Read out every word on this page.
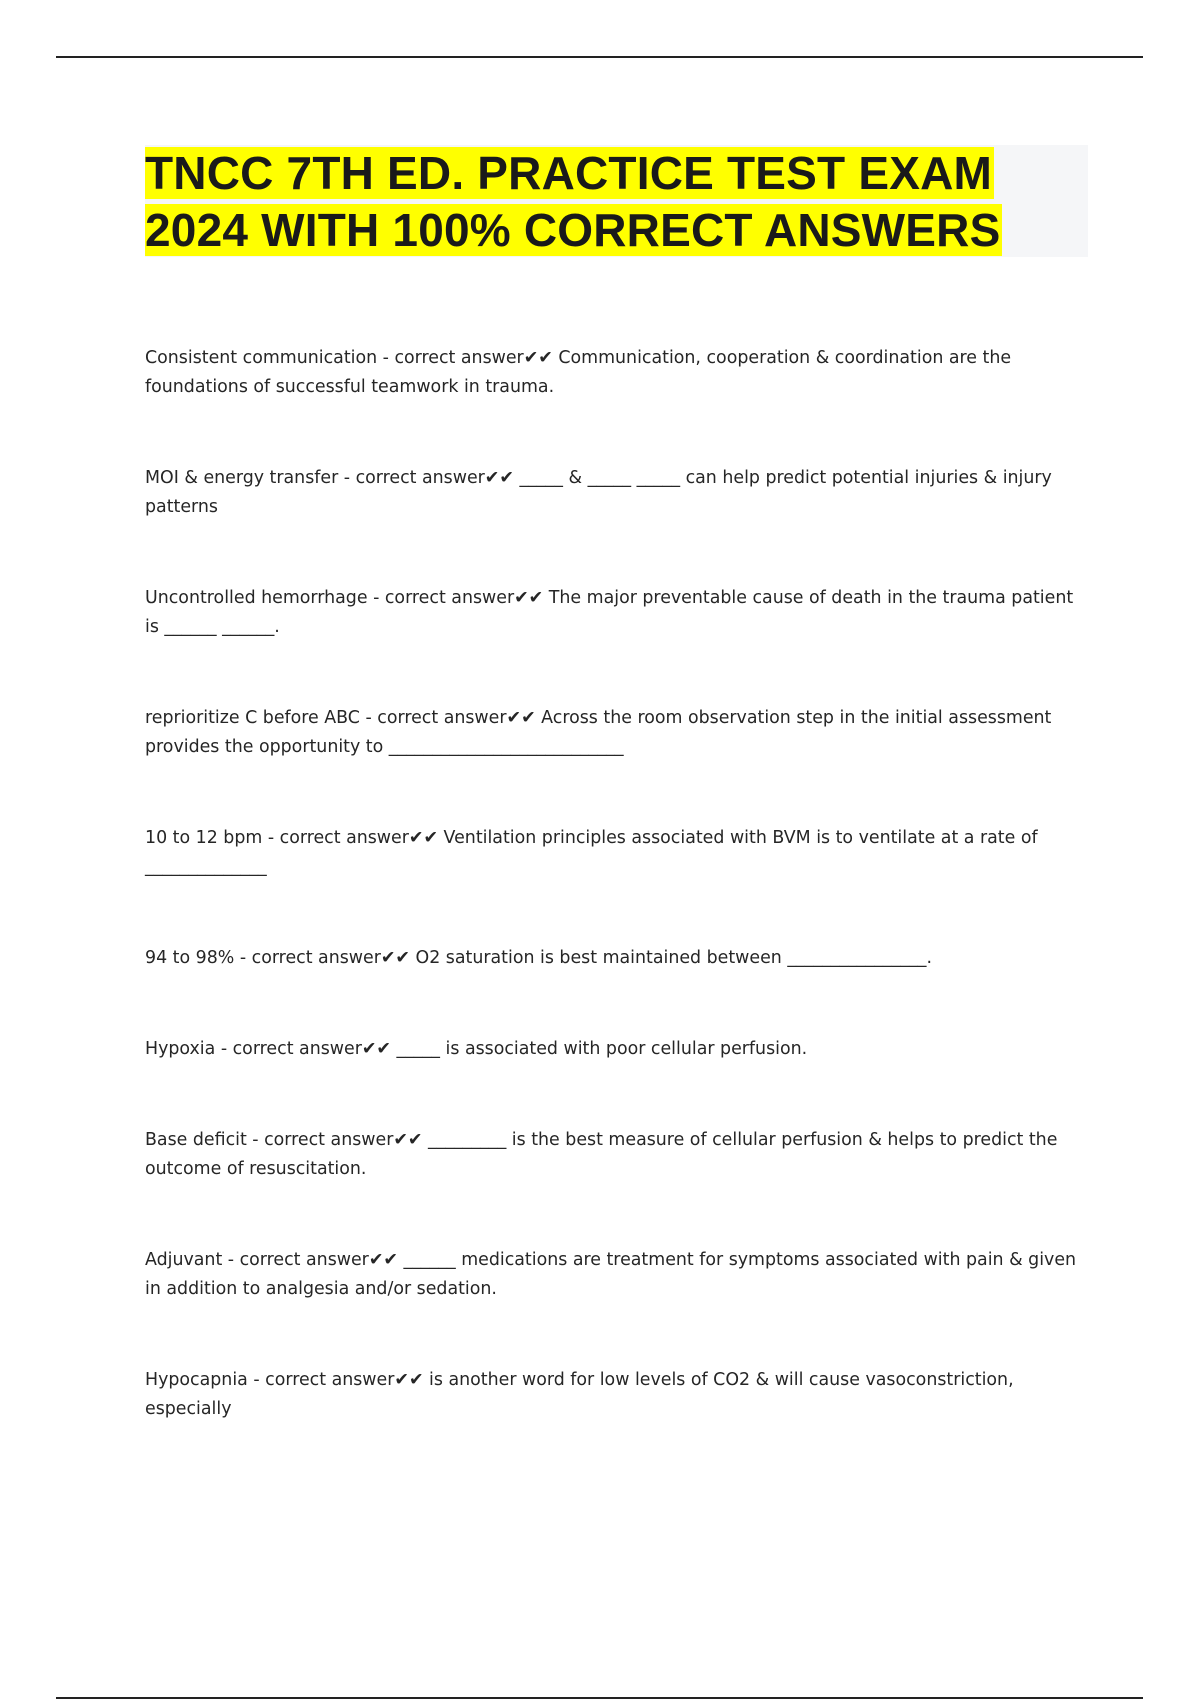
TNCC 7TH ED. PRACTICE TEST EXAM 2024 WITH 100% CORRECT ANSWERS
Consistent communication - correct answer✔✔ Communication, cooperation & coordination are the foundations of successful teamwork in trauma.
MOI & energy transfer - correct answer✔✔ _____ & _____ _____ can help predict potential injuries & injury patterns
Uncontrolled hemorrhage - correct answer✔✔ The major preventable cause of death in the trauma patient is ______ ______.
reprioritize C before ABC - correct answer✔✔ Across the room observation step in the initial assessment provides the opportunity to ___________________________
10 to 12 bpm - correct answer✔✔ Ventilation principles associated with BVM is to ventilate at a rate of ______________
94 to 98% - correct answer✔✔ O2 saturation is best maintained between ________________.
Hypoxia - correct answer✔✔ _____ is associated with poor cellular perfusion.
Base deficit - correct answer✔✔ _________ is the best measure of cellular perfusion & helps to predict the outcome of resuscitation.
Adjuvant - correct answer✔✔ ______ medications are treatment for symptoms associated with pain & given in addition to analgesia and/or sedation.
Hypocapnia - correct answer✔✔ is another word for low levels of CO2 & will cause vasoconstriction, especially
